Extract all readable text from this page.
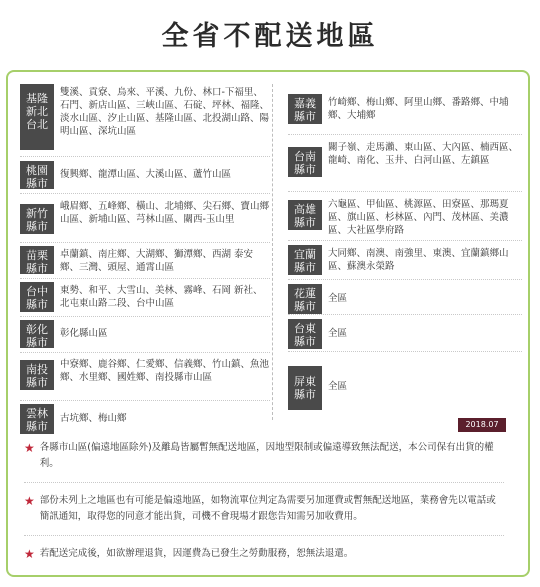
全省不配送地區
基隆
新北
台北
雙溪、貢寮、烏來、平溪、九份、林口-下福里、石門、新店山區、三峽山區、石碇、坪林、福隆、淡水山區、汐止山區、基隆山區、北投湖山路、陽明山區、深坑山區
桃園
縣市
復興鄉、龍潭山區、大溪山區、蘆竹山區
新竹
縣市
峨眉鄉、五峰鄉、橫山、北埔鄉、尖石鄉、寶山鄉山區、新埔山區、芎林山區、關西-玉山里
苗栗
縣市
卓蘭鎮、南庄鄉、大湖鄉、獅潭鄉、西湖 泰安鄉、三灣、頭屋、通霄山區
台中
縣市
東勢、和平、大雪山、美林、霧峰、石岡 新社、北屯東山路二段、台中山區
彰化
縣市
彰化縣山區
南投
縣市
中寮鄉、鹿谷鄉、仁愛鄉、信義鄉、竹山鎮、魚池鄉、水里鄉、國姓鄉、南投縣市山區
雲林
縣市
古坑鄉、梅山鄉
嘉義
縣市
竹崎鄉、梅山鄉、阿里山鄉、番路鄉、中埔鄉、大埔鄉
台南
縣市
關子嶺、走馬瀨、東山區、大內區、楠西區、龍崎、南化、玉井、白河山區、左鎮區
高雄
縣市
六龜區、甲仙區、桃源區、田寮區、那瑪夏區、旗山區、杉林區、內門、茂林區、美濃區、大社區學府路
宜蘭
縣市
大同鄉、南澳、南強里、東澳、宜蘭鎮鄉山區、蘇澳永榮路
花蓮
縣市
全區
台東
縣市
全區
屏東
縣市
全區
2018.07
★ 各縣市山區(偏遠地區除外)及離島皆屬暫無配送地區，因地型限制或偏遠導致無法配送，本公司保有出貨的權利。
★ 部份未列上之地區也有可能是偏遠地區，如物流單位判定為需要另加運費或暫無配送地區，業務會先以電話或簡訊通知，取得您的同意才能出貨，司機不會現場才跟您告知需另加收費用。
★ 若配送完成後，如欲辦理退貨，因運費為已發生之勞動服務，恕無法退還。
